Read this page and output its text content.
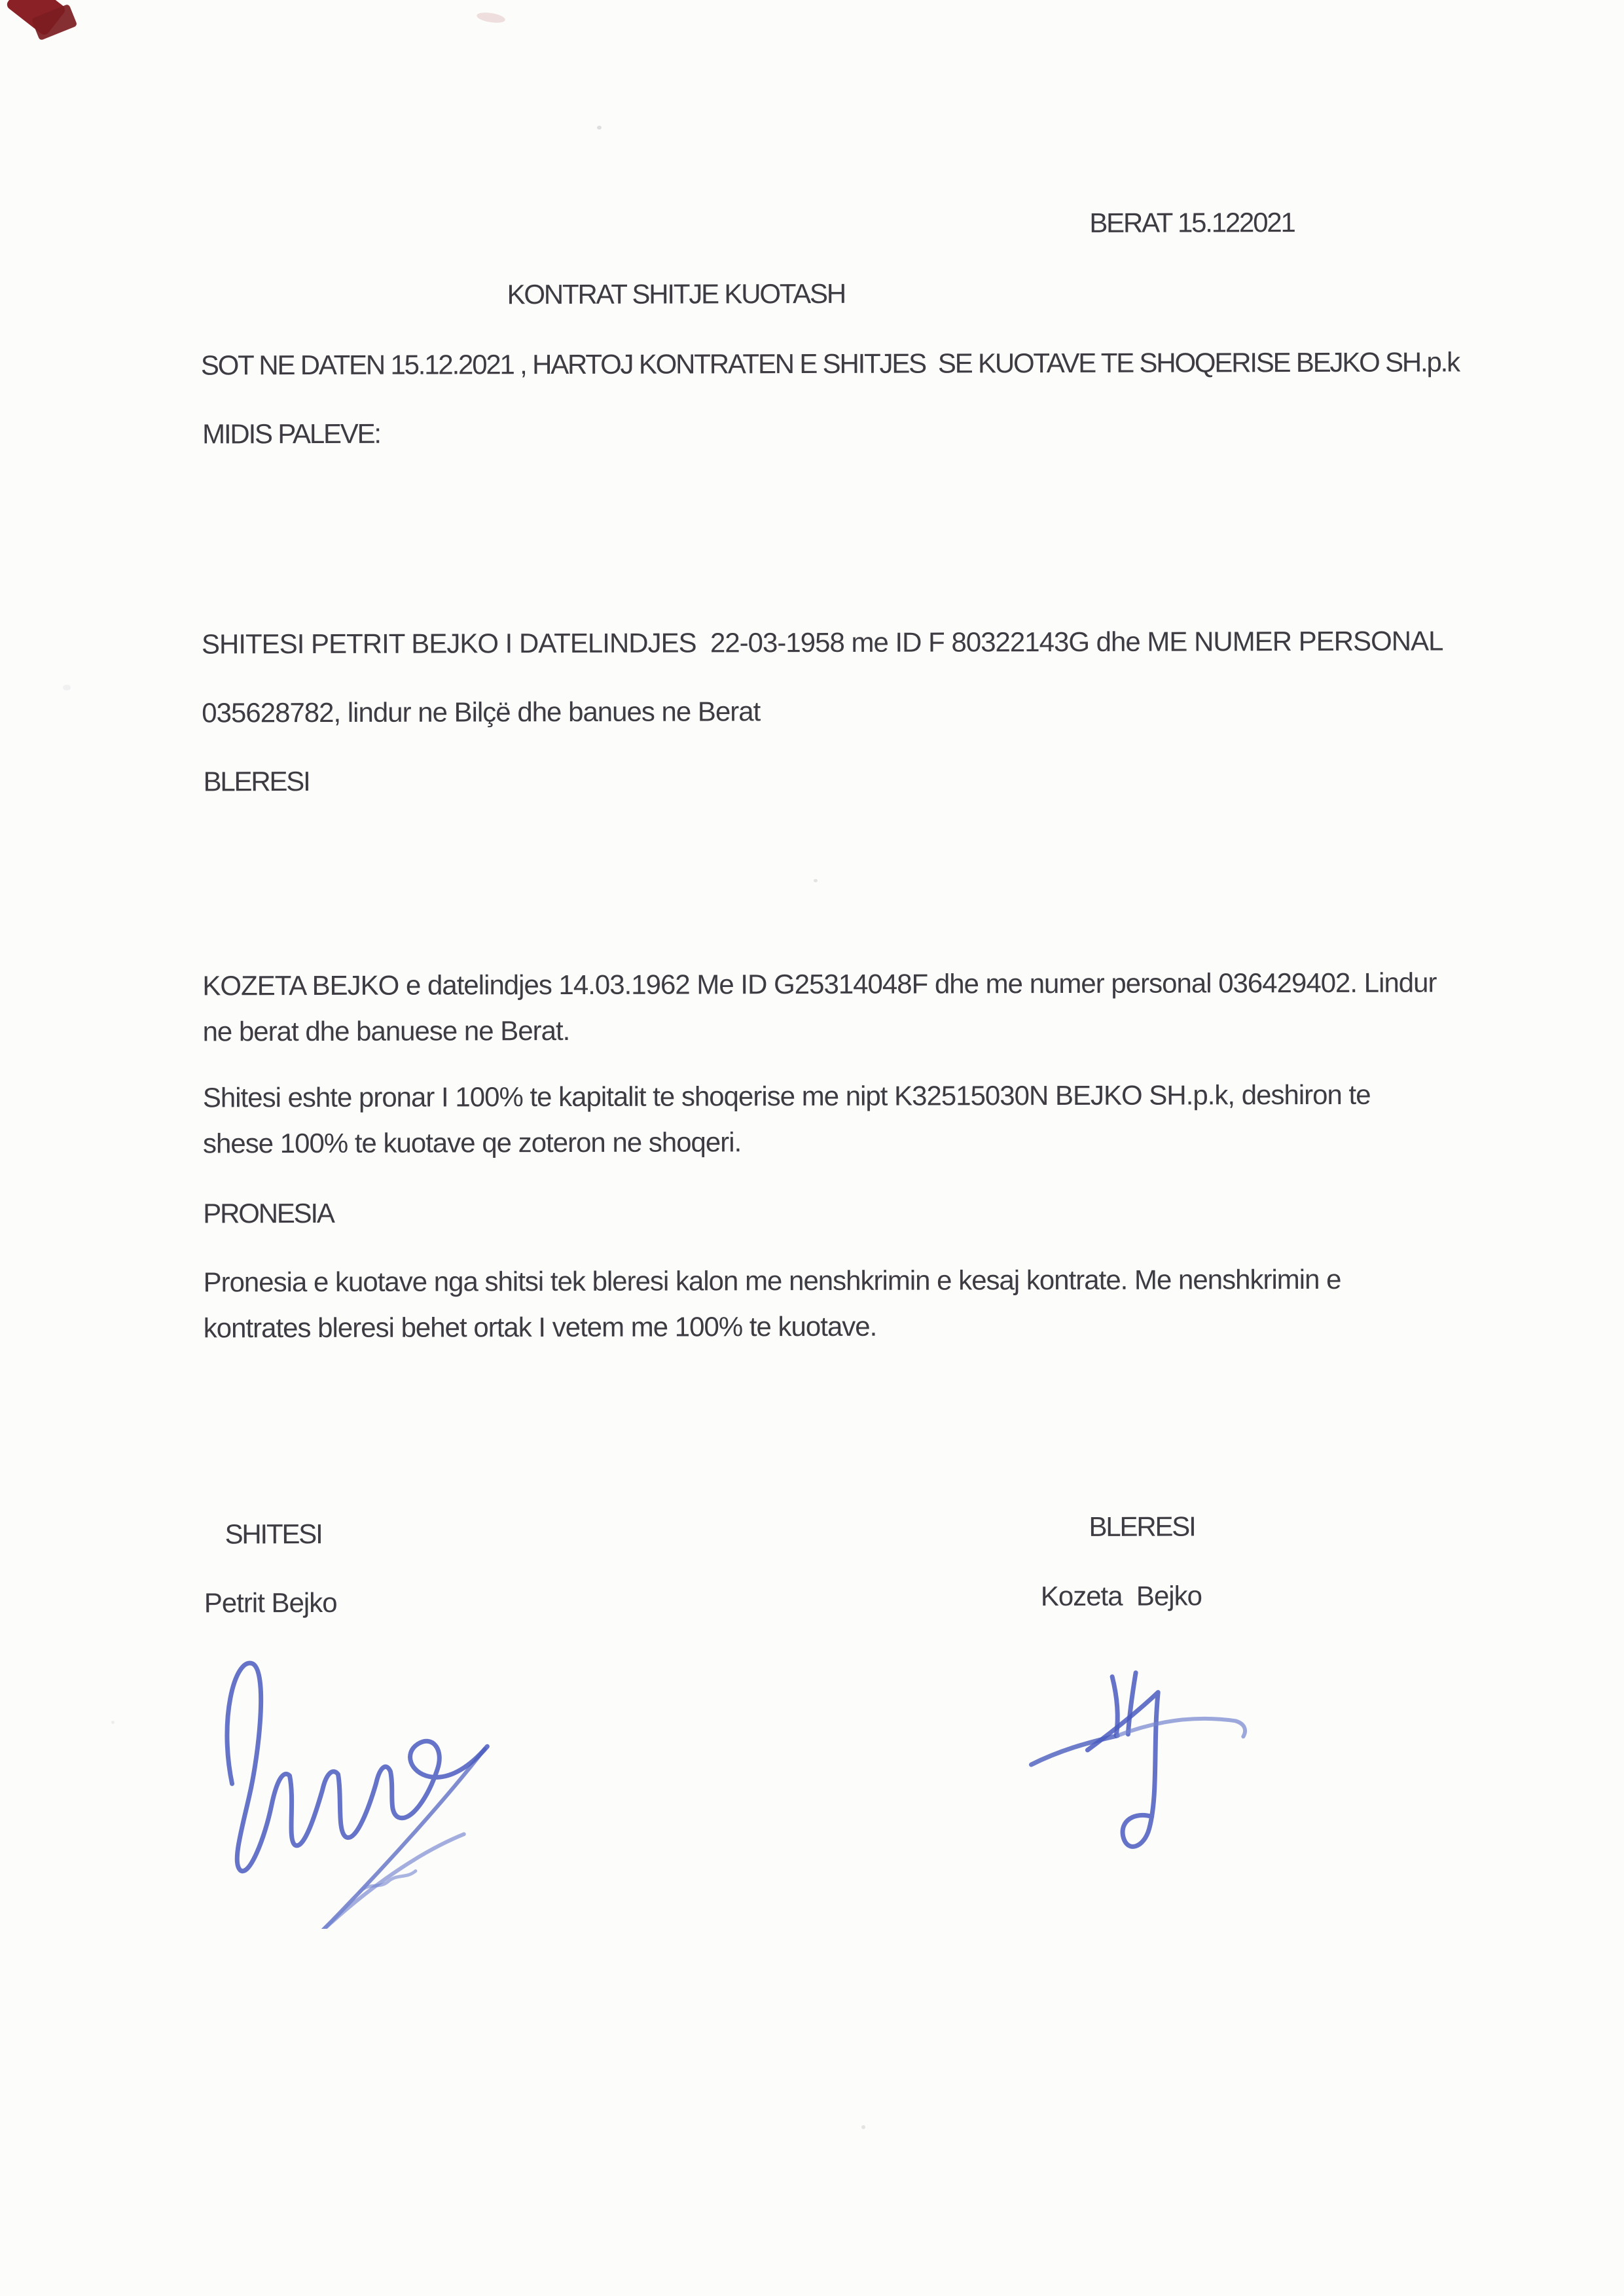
BERAT 15.122021
KONTRAT SHITJE KUOTASH
SOT NE DATEN 15.12.2021 , HARTOJ KONTRATEN E SHITJES  SE KUOTAVE TE SHOQERISE BEJKO SH.p.k
MIDIS PALEVE:
SHITESI PETRIT BEJKO I DATELINDJES  22-03-1958 me ID F 80322143G dhe ME NUMER PERSONAL
035628782, lindur ne Bilçë dhe banues ne Berat
BLERESI
KOZETA BEJKO e datelindjes 14.03.1962 Me ID G25314048F dhe me numer personal 036429402. Lindur
ne berat dhe banuese ne Berat.
Shitesi eshte pronar I 100% te kapitalit te shoqerise me nipt K32515030N BEJKO SH.p.k, deshiron te
shese 100% te kuotave qe zoteron ne shoqeri.
PRONESIA
Pronesia e kuotave nga shitsi tek bleresi kalon me nenshkrimin e kesaj kontrate. Me nenshkrimin e
kontrates bleresi behet ortak I vetem me 100% te kuotave.
SHITESI	BLERESI
Petrit Bejko	Kozeta  Bejko
